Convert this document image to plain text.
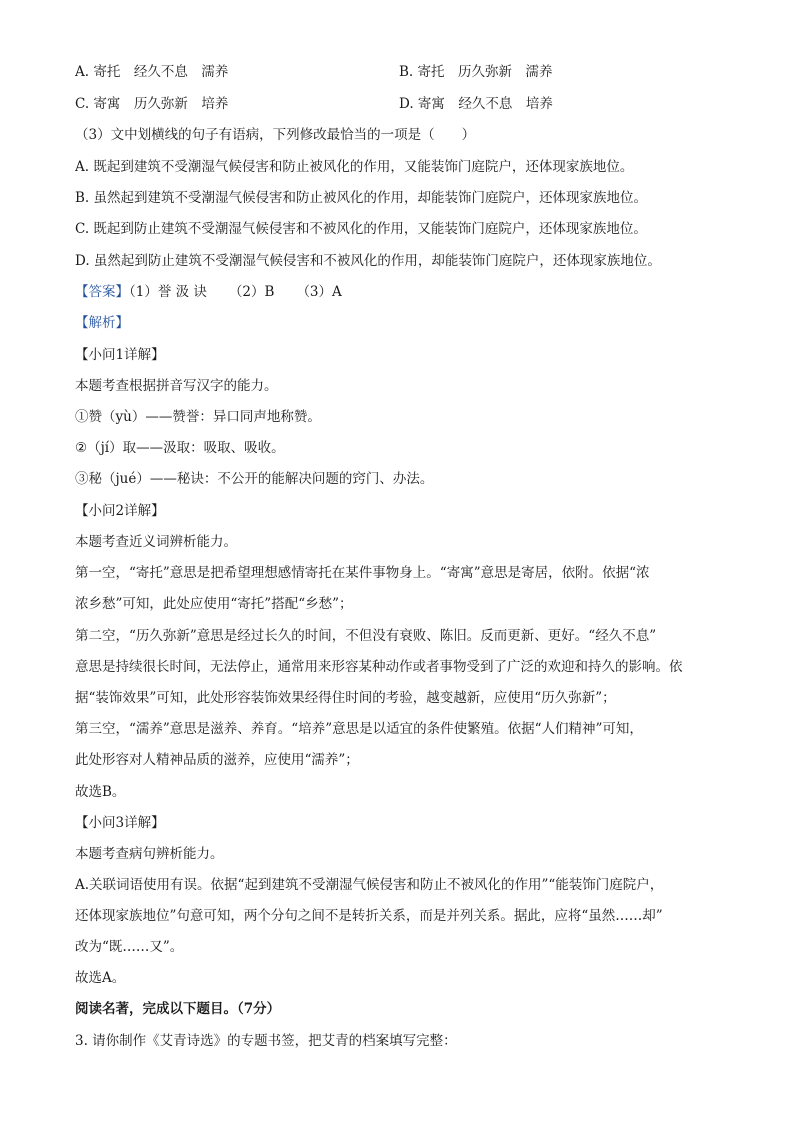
A. 寄托　经久不息　濡养	B. 寄托　历久弥新　濡养
C. 寄寓　历久弥新　培养	D. 寄寓　经久不息　培养
（3）文中划横线的句子有语病，下列修改最恰当的一项是（　　）
A. 既起到建筑不受潮湿气候侵害和防止被风化的作用，又能装饰门庭院户，还体现家族地位。
B. 虽然起到建筑不受潮湿气候侵害和防止被风化的作用，却能装饰门庭院户，还体现家族地位。
C. 既起到防止建筑不受潮湿气候侵害和不被风化的作用，又能装饰门庭院户，还体现家族地位。
D. 虽然起到防止建筑不受潮湿气候侵害和不被风化的作用，却能装饰门庭院户，还体现家族地位。
【答案】（1）誉 汲 诀 （2）B （3）A
【解析】
【小问1详解】
本题考查根据拼音写汉字的能力。
①赞（yù）——赞誉：异口同声地称赞。
②（jí）取——汲取：吸取、吸收。
③秘（jué）——秘诀：不公开的能解决问题的窍门、办法。
【小问2详解】
本题考查近义词辨析能力。
第一空，“寄托”意思是把希望理想感情寄托在某件事物身上。“寄寓”意思是寄居，依附。依据“浓
浓乡愁”可知，此处应使用“寄托”搭配“乡愁”；
第二空，“历久弥新”意思是经过长久的时间，不但没有衰败、陈旧。反而更新、更好。“经久不息”
意思是持续很长时间，无法停止，通常用来形容某种动作或者事物受到了广泛的欢迎和持久的影响。依
据“装饰效果”可知，此处形容装饰效果经得住时间的考验，越变越新，应使用“历久弥新”；
第三空，“濡养”意思是滋养、养育。“培养”意思是以适宜的条件使繁殖。依据“人们精神”可知，
此处形容对人精神品质的滋养，应使用“濡养”；
故选B。
【小问3详解】
本题考查病句辨析能力。
A.关联词语使用有误。依据“起到建筑不受潮湿气候侵害和防止不被风化的作用”“能装饰门庭院户，
还体现家族地位”句意可知，两个分句之间不是转折关系，而是并列关系。据此，应将“虽然……却”
改为“既……又”。
故选A。
阅读名著，完成以下题目。（7分）
3. 请你制作《艾青诗选》的专题书签，把艾青的档案填写完整：
